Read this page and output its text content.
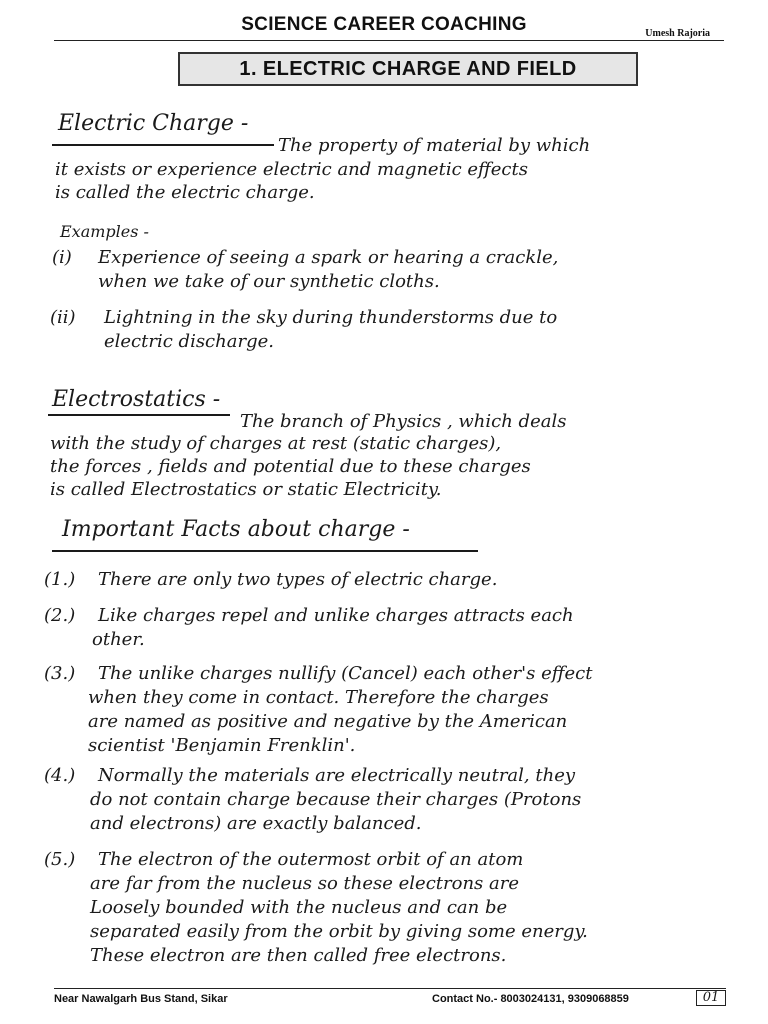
SCIENCE CAREER COACHING	Umesh Rajoria
1. ELECTRIC CHARGE AND FIELD
Electric Charge -
The property of material by which
it exists or experience electric and magnetic effects
is called the electric charge.
Examples -
(i) Experience of seeing a spark or hearing a crackle,
when we take of our synthetic cloths.
(ii) Lightning in the sky during thunderstorms due to
electric discharge.
Electrostatics -
The branch of Physics , which deals
with the study of charges at rest (static charges),
the forces , fields and potential due to these charges
is called Electrostatics or static Electricity.
Important Facts about charge -
(1.) There are only two types of electric charge.
(2.) Like charges repel and unlike charges attracts each
other.
(3.) The unlike charges nullify (Cancel) each other's effect
when they come in contact. Therefore the charges
are named as positive and negative by the American
scientist 'Benjamin Frenklin'.
(4.) Normally the materials are electrically neutral, they
do not contain charge because their charges (Protons
and electrons) are exactly balanced.
(5.) The electron of the outermost orbit of an atom
are far from the nucleus so these electrons are
Loosely bounded with the nucleus and can be
separated easily from the orbit by giving some energy.
These electron are then called free electrons.
Near Nawalgarh Bus Stand, Sikar	Contact No.- 8003024131, 9309068859	01
